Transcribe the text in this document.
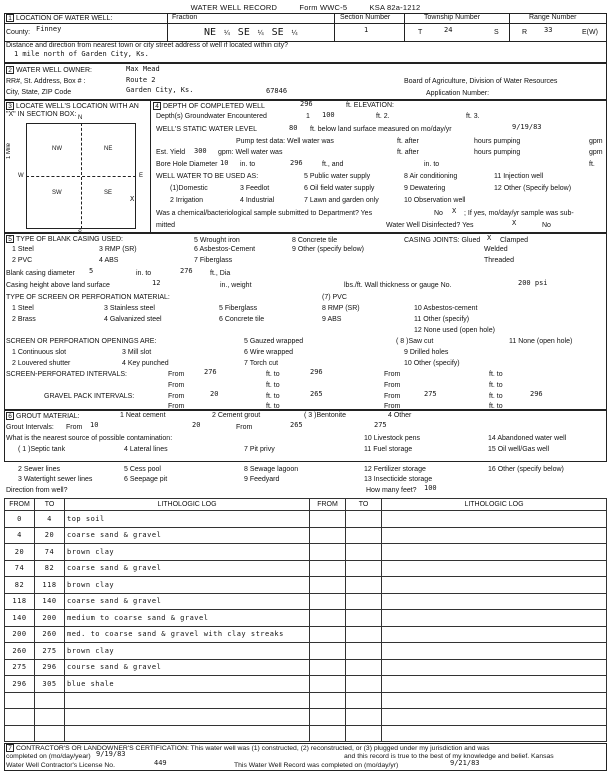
WATER WELL RECORD	Form WWC-5	KSA 82a-1212
1 LOCATION OF WATER WELL:	Fraction	Section Number	Township Number	Range Number
County: Finney	NE ¼ SE ¼ SE ¼	1	T	24	S	R 33	E(W)
Distance and direction from nearest town or city street address of well if located within city?
1 mile north of Garden City, Ks.
2 WATER WELL OWNER:	Max Mead
RR#, St. Address, Box # :	Route 2
City, State, ZIP Code	Garden City, Ks.	67846
Board of Agriculture, Division of Water Resources
Application Number:
3 LOCATE WELL'S LOCATION WITH AN "X" IN SECTION BOX: N
S
W	E
NW	NE
SW	SE
1 Mile
X
4 DEPTH OF COMPLETED WELL	296	ft. ELEVATION:
Depth(s) Groundwater Encountered	1 100	ft. 2.	ft. 3.
WELL'S STATIC WATER LEVEL	80 ft. below land surface measured on mo/day/yr	9/19/83
Pump test data: Well water was	ft. after	hours pumping	gpm
Est. Yield 300 gpm: Well water was	ft. after	hours pumping	gpm
Bore Hole Diameter 10 in. to	296	ft., and	in. to	ft.
WELL WATER TO BE USED AS:	5 Public water supply	8 Air conditioning	11 Injection well
(1)Domestic	3 Feedlot	6 Oil field water supply	9 Dewatering	12 Other (Specify below)
2 Irrigation	4 Industrial	7 Lawn and garden only	10 Observation well
Was a chemical/bacteriological sample submitted to Department? Yes	No X ; If yes, mo/day/yr sample was sub-
mitted	Water Well Disinfected? Yes	X	No
5 TYPE OF BLANK CASING USED:
1 Steel	3 RMP (SR)
5 Wrought iron	8 Concrete tile
6 Asbestos-Cement	9 Other (specify below)
7 Fiberglass
2 PVC	4 ABS
CASING JOINTS: Glued X Clamped
Welded
Threaded
Blank casing diameter 5	in. to	276 ft., Dia
Casing height above land surface	12	in., weight	lbs./ft. Wall thickness or gauge No.	200 psi
TYPE OF SCREEN OR PERFORATION MATERIAL:	(7) PVC
1 Steel	3 Stainless steel	5 Fiberglass	10 Asbestos-cement
8 RMP (SR)
2 Brass	4 Galvanized steel	6 Concrete tile	11 Other (specify)
9 ABS
12 None used (open hole)
SCREEN OR PERFORATION OPENINGS ARE:	5 Gauzed wrapped	( 8 )Saw cut	11 None (open hole)
1 Continuous slot	3 Mill slot	6 Wire wrapped	9 Drilled holes
2 Louvered shutter	4 Key punched	7 Torch cut	10 Other (specify)
SCREEN-PERFORATED INTERVALS:	From	276	ft. to	296	From	ft. to
From	ft. to	From	ft. to
GRAVEL PACK INTERVALS:	From	20	ft. to	265	From	275	ft. to	296
From	ft. to	From	ft. to
6 GROUT MATERIAL:	1 Neat cement	2 Cement grout	( 3 )Bentonite	4 Other
Grout Intervals: From 10	20	From	265	275
What is the nearest source of possible contamination:	10 Livestock pens	14 Abandoned water well
( 1 )Septic tank	4 Lateral lines	7 Pit privy	11 Fuel storage	15 Oil well/Gas well
2 Sewer lines	5 Cess pool	8 Sewage lagoon	12 Fertilizer storage	16 Other (specify below)
3 Watertight sewer lines	6 Seepage pit	9 Feedyard	13 Insecticide storage
Direction from well?	How many feet? 100
FROM	TO	LITHOLOGIC LOG	FROM	TO	LITHOLOGIC LOG
0	4	top soil			
4	20	coarse sand & gravel			
20	74	brown clay			
74	82	coarse sand & gravel			
82	118	brown clay			
118	140	coarse sand & gravel			
140	200	medium to coarse sand & gravel			
200	260	med. to coarse sand & gravel with clay streaks			
260	275	brown clay			
275	296	course sand & gravel			
296	305	blue shale			

7 CONTRACTOR'S OR LANDOWNER'S CERTIFICATION: This water well was (1) constructed, (2) reconstructed, or (3) plugged under my jurisdiction and was
completed on (mo/day/year) 9/19/83	and this record is true to the best of my knowledge and belief. Kansas
Water Well Contractor's License No.	449	This Water Well Record was completed on (mo/day/yr)	9/21/83
